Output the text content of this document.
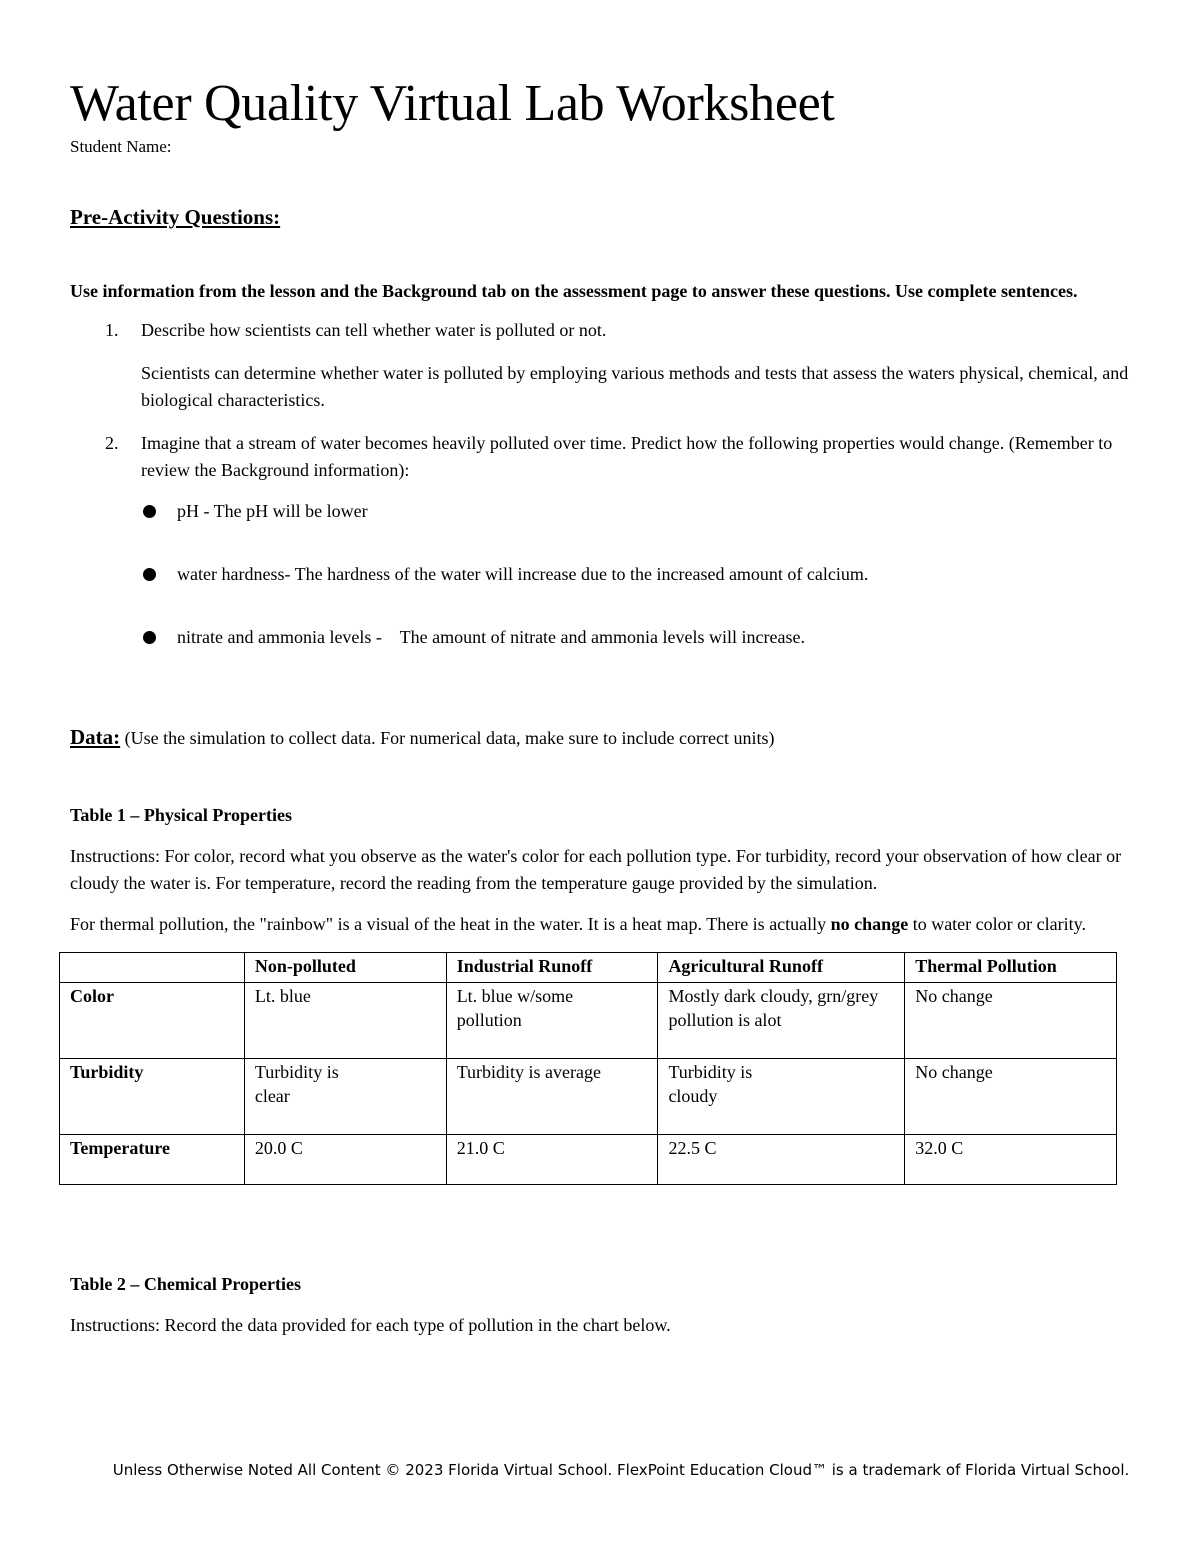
Water Quality Virtual Lab Worksheet
Student Name:
Pre-Activity Questions:
Use information from the lesson and the Background tab on the assessment page to answer these questions. Use complete sentences.
1. Describe how scientists can tell whether water is polluted or not.
Scientists can determine whether water is polluted by employing various methods and tests that assess the waters physical, chemical, and biological characteristics.
2. Imagine that a stream of water becomes heavily polluted over time. Predict how the following properties would change. (Remember to review the Background information):
pH - The pH will be lower
water hardness- The hardness of the water will increase due to the increased amount of calcium.
nitrate and ammonia levels -    The amount of nitrate and ammonia levels will increase.
Data: (Use the simulation to collect data. For numerical data, make sure to include correct units)
Table 1 – Physical Properties
Instructions: For color, record what you observe as the water's color for each pollution type. For turbidity, record your observation of how clear or cloudy the water is. For temperature, record the reading from the temperature gauge provided by the simulation.
For thermal pollution, the "rainbow" is a visual of the heat in the water. It is a heat map. There is actually no change to water color or clarity.
	Non-polluted	Industrial Runoff	Agricultural Runoff	Thermal Pollution
Color	Lt. blue	Lt. blue w/some pollution	Mostly dark cloudy, grn/grey pollution is alot	No change
Turbidity	Turbidity is clear	Turbidity is average	Turbidity is cloudy	No change
Temperature	20.0 C	21.0 C	22.5 C	32.0 C
Table 2 – Chemical Properties
Instructions: Record the data provided for each type of pollution in the chart below.
Unless Otherwise Noted All Content © 2023 Florida Virtual School. FlexPoint Education Cloud™ is a trademark of Florida Virtual School.
